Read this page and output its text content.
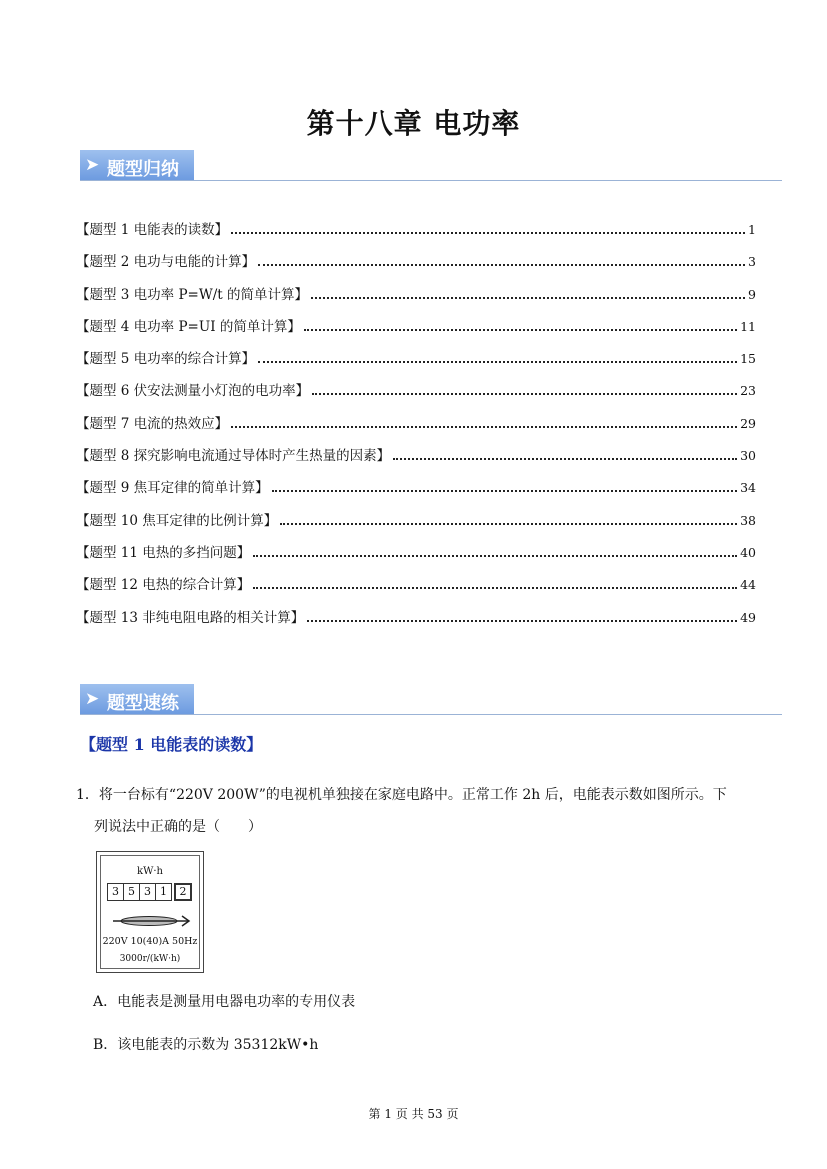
第十八章 电功率
➤ 题型归纳
【题型 1 电能表的读数】	1
【题型 2 电功与电能的计算】	3
【题型 3 电功率 P=W/t 的简单计算】	9
【题型 4 电功率 P=UI 的简单计算】	11
【题型 5 电功率的综合计算】	15
【题型 6 伏安法测量小灯泡的电功率】	23
【题型 7 电流的热效应】	29
【题型 8 探究影响电流通过导体时产生热量的因素】	30
【题型 9 焦耳定律的简单计算】	34
【题型 10 焦耳定律的比例计算】	38
【题型 11 电热的多挡问题】	40
【题型 12 电热的综合计算】	44
【题型 13 非纯电阻电路的相关计算】	49
➤ 题型速练
【题型 1 电能表的读数】
1．将一台标有“220V 200W”的电视机单独接在家庭电路中。正常工作 2h 后，电能表示数如图所示。下
列说法中正确的是（　　）
kW·h
3 5 3 1	2
220V 10(40)A 50Hz
3000r/(kW·h)
A．电能表是测量用电器电功率的专用仪表
B．该电能表的示数为 35312kW•h
第 1 页 共 53 页
